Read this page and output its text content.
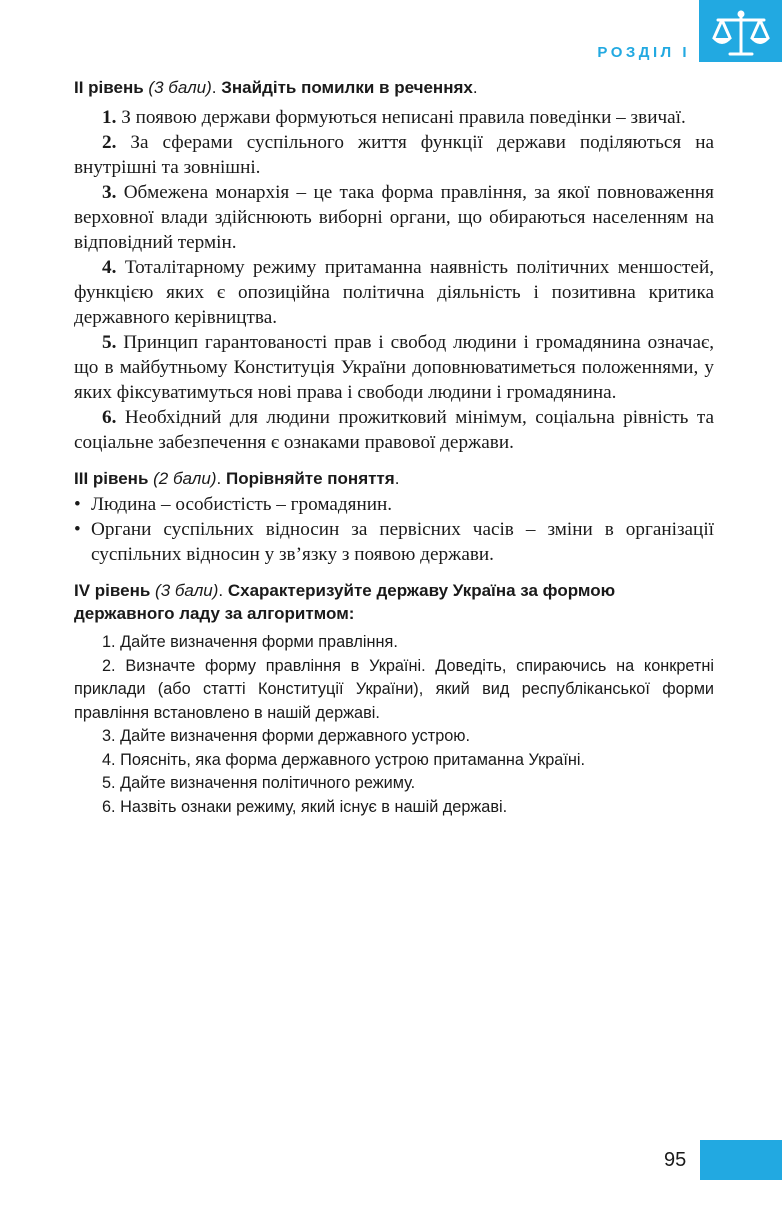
РОЗДІЛ І

ІІ рівень (3 бали). Знайдіть помилки в реченнях.

1. З появою держави формуються неписані правила поведінки – звичаї.

2. За сферами суспільного життя функції держави поділяються на внутрішні та зовнішні.

3. Обмежена монархія – це така форма правління, за якої повноваження верховної влади здійснюють виборні органи, що обираються населенням на відповідний термін.

4. Тоталітарному режиму притаманна наявність політичних меншостей, функцією яких є опозиційна політична діяльність і позитивна критика державного керівництва.

5. Принцип гарантованості прав і свобод людини і громадянина означає, що в майбутньому Конституція України доповнюватиметься положеннями, у яких фіксуватимуться нові права і свободи людини і громадянина.

6. Необхідний для людини прожитковий мінімум, соціальна рівність та соціальне забезпечення є ознаками правової держави.

ІІІ рівень (2 бали). Порівняйте поняття.

• Людина – особистість – громадянин.
• Органи суспільних відносин за первісних часів – зміни в організації суспільних відносин у зв’язку з появою держави.

IV рівень (3 бали). Схарактеризуйте державу Україна за формою державного ладу за алгоритмом:

1. Дайте визначення форми правління.
2. Визначте форму правління в Україні. Доведіть, спираючись на конкретні приклади (або статті Конституції України), який вид республіканської форми правління встановлено в нашій державі.
3. Дайте визначення форми державного устрою.
4. Поясніть, яка форма державного устрою притаманна Україні.
5. Дайте визначення політичного режиму.
6. Назвіть ознаки режиму, який існує в нашій державі.
95
